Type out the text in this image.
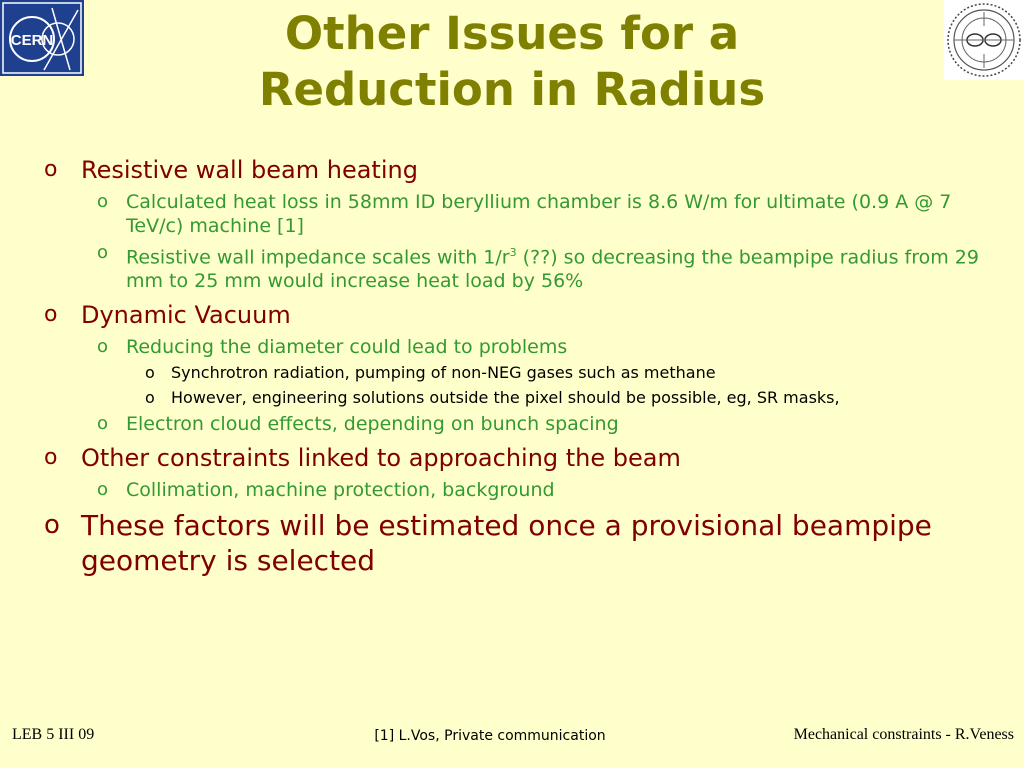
CERN	Other Issues for a
Reduction in Radius
o Resistive wall beam heating
o Calculated heat loss in 58mm ID beryllium chamber is 8.6 W/m for ultimate (0.9 A @ 7 TeV/c) machine [1]
o Resistive wall impedance scales with $1/r^3$ (??) so decreasing the beampipe radius from 29 mm to 25 mm would increase heat load by 56%
o Dynamic Vacuum
o Reducing the diameter could lead to problems
o Synchrotron radiation, pumping of non-NEG gases such as methane
o However, engineering solutions outside the pixel should be possible, eg, SR masks,
o Electron cloud effects, depending on bunch spacing
o Other constraints linked to approaching the beam
o Collimation, machine protection, background
o These factors will be estimated once a provisional beampipe geometry is selected
LEB 5 III 09	[1] L.Vos, Private communication	Mechanical constraints - R.Veness
